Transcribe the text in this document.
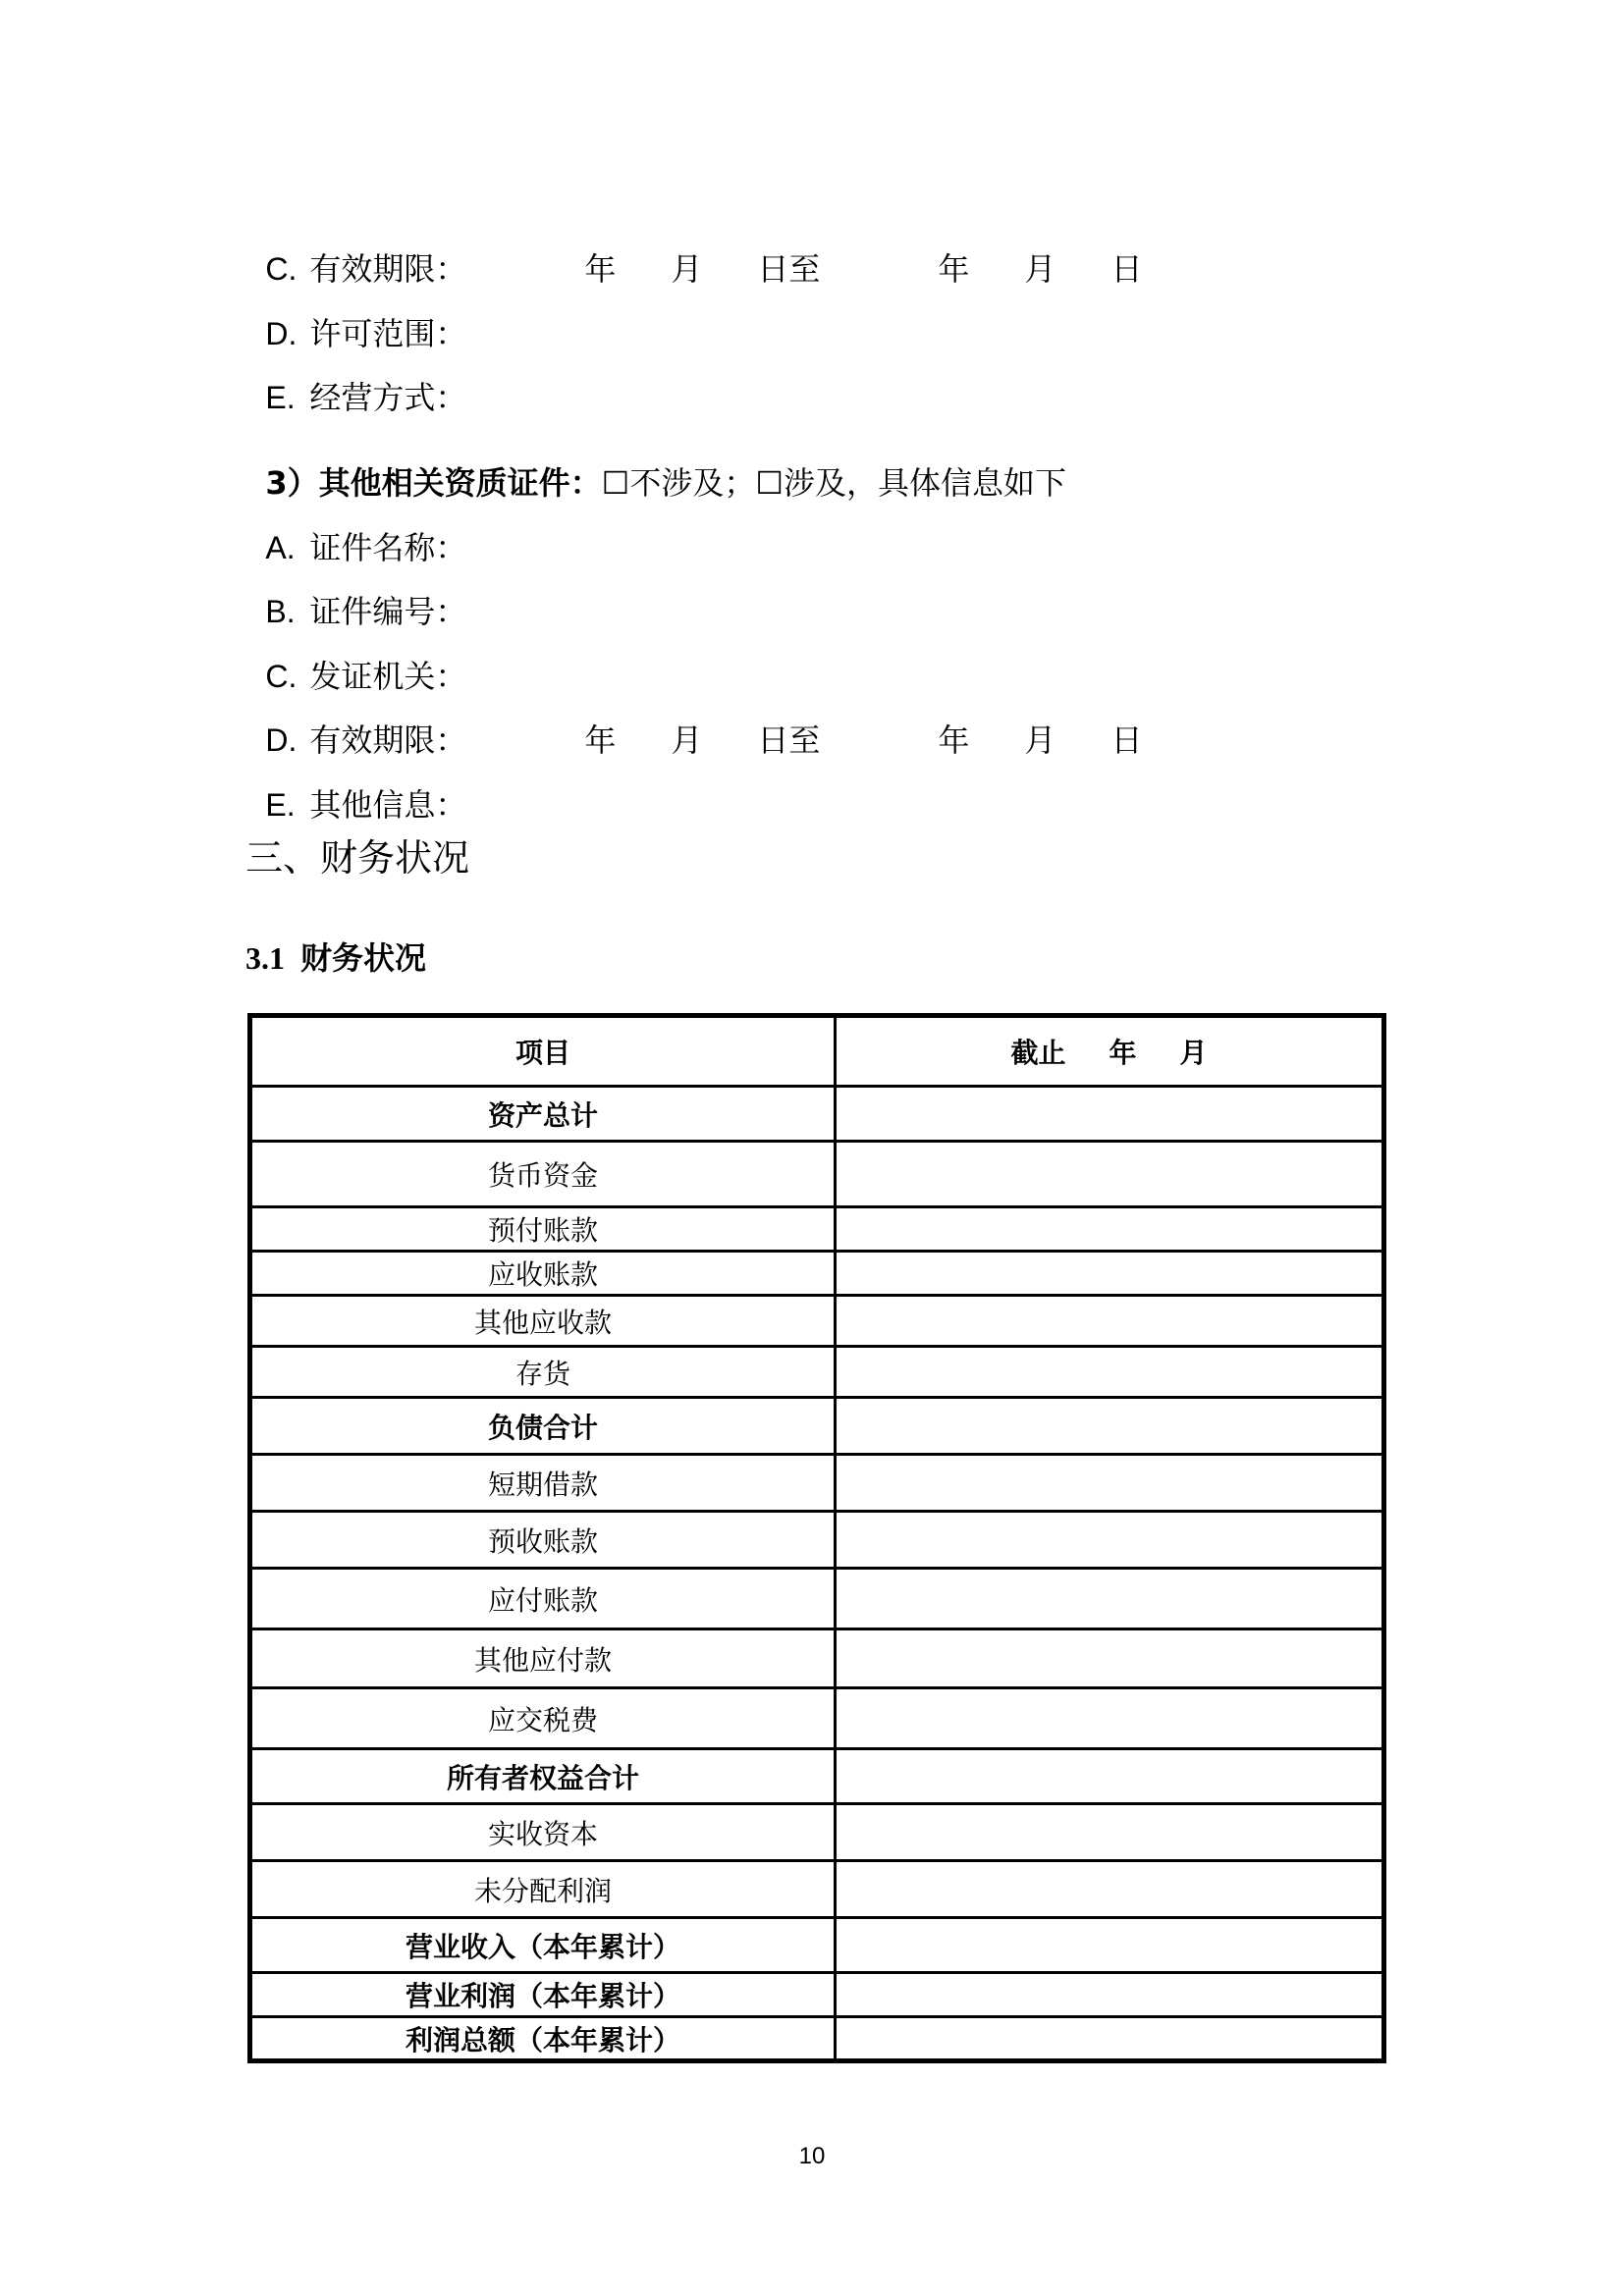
C. 有效期限：	年 月 日至	年 月 日

D. 许可范围：

E. 经营方式：

3）其他相关资质证件：☐不涉及；☐涉及，具体信息如下

A. 证件名称：

B. 证件编号：

C. 发证机关：

D. 有效期限：	年 月 日至	年 月 日

E. 其他信息：

三、财务状况
3.1 财务状况
项目	截止 年 月
资产总计	
货币资金	
预付账款	
应收账款	
其他应收款	
存货	
负债合计	
短期借款	
预收账款	
应付账款	
其他应付款	
应交税费	
所有者权益合计	
实收资本	
未分配利润	
营业收入（本年累计）	
营业利润（本年累计）	
利润总额（本年累计）	
10
